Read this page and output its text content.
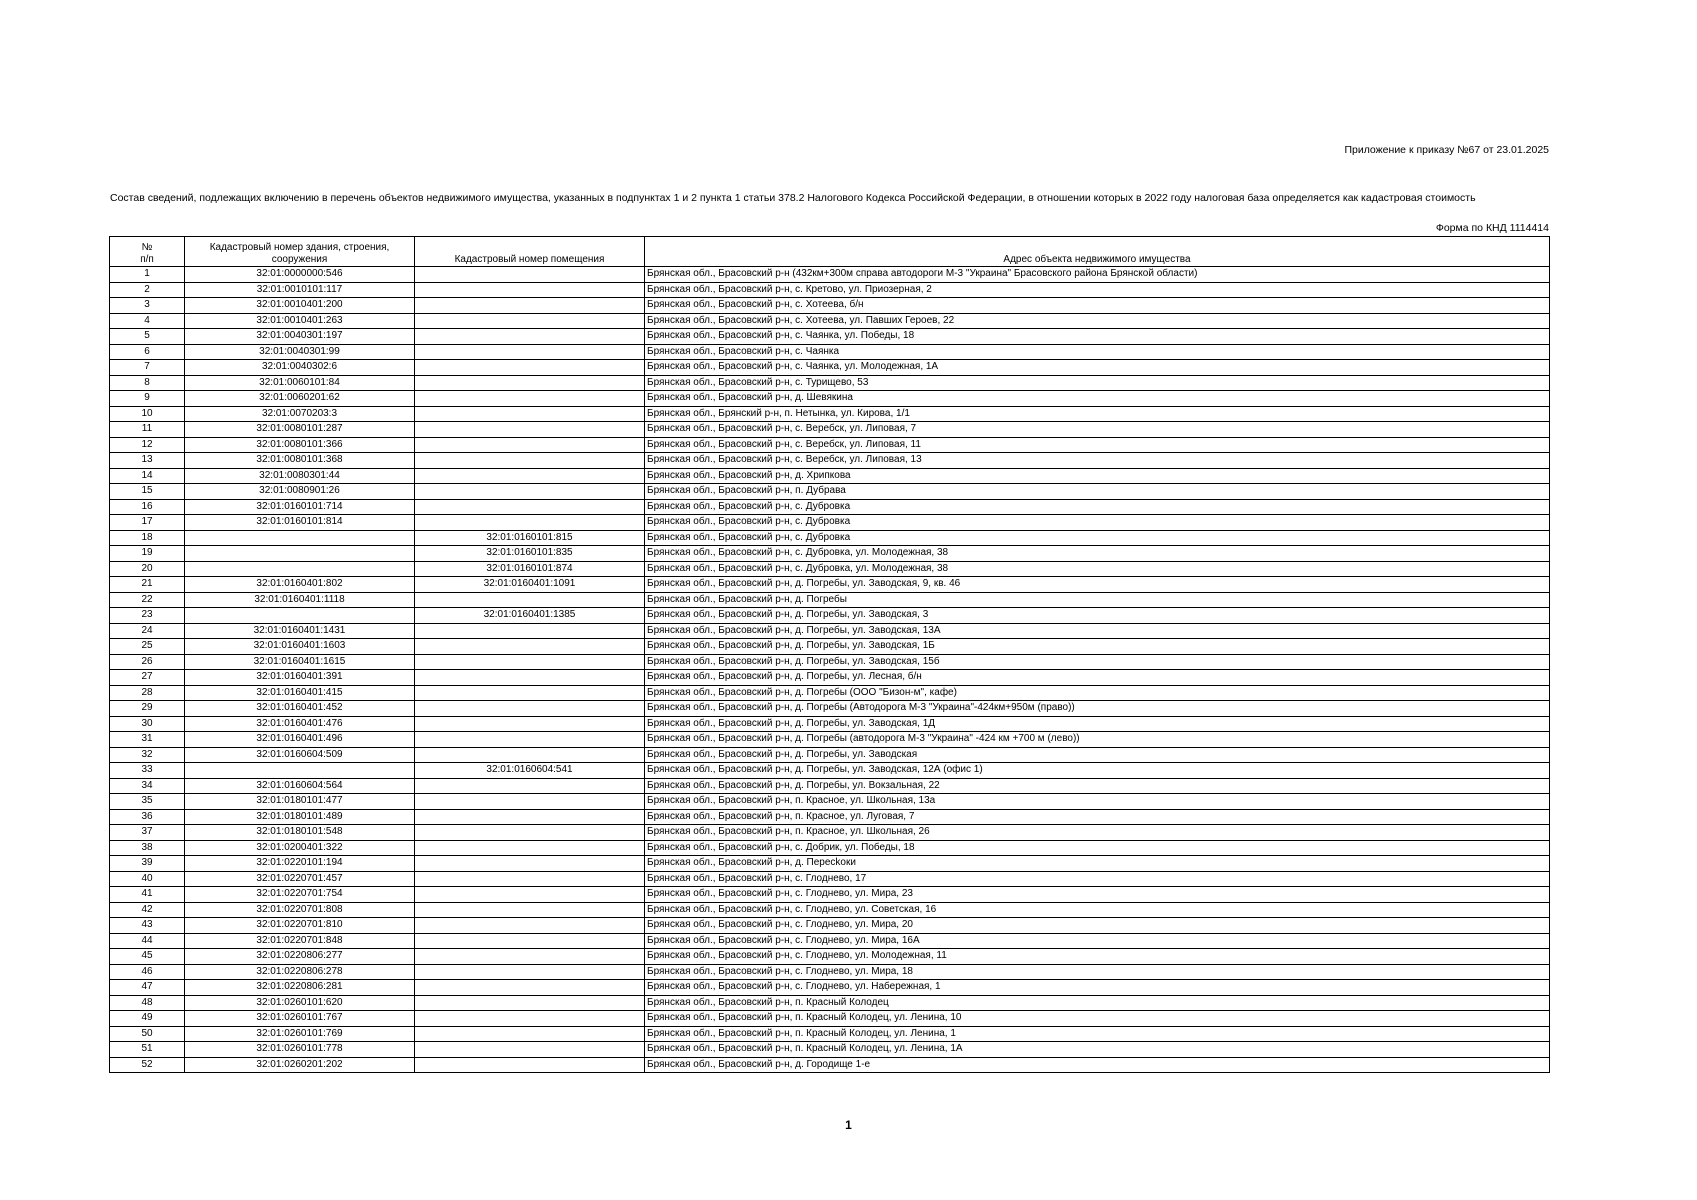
Приложение к приказу №67 от 23.01.2025
Состав сведений, подлежащих включению в перечень объектов недвижимого имущества, указанных в подпунктах 1 и 2 пункта 1 статьи 378.2 Налогового Кодекса Российской Федерации, в отношении которых в 2022 году налоговая база определяется как кадастровая стоимость
Форма по КНД 1114414
№
п/п	Кадастровый номер здания, строения, сооружения	Кадастровый номер помещения	Адрес объекта недвижимого имущества
1	32:01:0000000:546		Брянская обл., Брасовский р-н (432км+300м справа автодороги М-3 "Украина" Брасовского района Брянской области)
2	32:01:0010101:117		Брянская обл., Брасовский р-н, с. Кретово, ул. Приозерная, 2
3	32:01:0010401:200		Брянская обл., Брасовский р-н, с. Хотеева, б/н
4	32:01:0010401:263		Брянская обл., Брасовский р-н, с. Хотеева, ул. Павших Героев, 22
5	32:01:0040301:197		Брянская обл., Брасовский р-н, с. Чаянка, ул. Победы, 18
6	32:01:0040301:99		Брянская обл., Брасовский р-н, с. Чаянка
7	32:01:0040302:6		Брянская обл., Брасовский р-н, с. Чаянка, ул. Молодежная, 1А
8	32:01:0060101:84		Брянская обл., Брасовский р-н, с. Турищево, 53
9	32:01:0060201:62		Брянская обл., Брасовский р-н, д. Шевякина
10	32:01:0070203:3		Брянская обл., Брянский р-н, п. Нетынка, ул. Кирова, 1/1
11	32:01:0080101:287		Брянская обл., Брасовский р-н, с. Веребск, ул. Липовая, 7
12	32:01:0080101:366		Брянская обл., Брасовский р-н, с. Веребск, ул. Липовая, 11
13	32:01:0080101:368		Брянская обл., Брасовский р-н, с. Веребск, ул. Липовая, 13
14	32:01:0080301:44		Брянская обл., Брасовский р-н, д. Хрипкова
15	32:01:0080901:26		Брянская обл., Брасовский р-н, п. Дубрава
16	32:01:0160101:714		Брянская обл., Брасовский р-н, с. Дубровка
17	32:01:0160101:814		Брянская обл., Брасовский р-н, с. Дубровка
18		32:01:0160101:815	Брянская обл., Брасовский р-н, с. Дубровка
19		32:01:0160101:835	Брянская обл., Брасовский р-н, с. Дубровка, ул. Молодежная, 38
20		32:01:0160101:874	Брянская обл., Брасовский р-н, с. Дубровка, ул. Молодежная, 38
21	32:01:0160401:802	32:01:0160401:1091	Брянская обл., Брасовский р-н, д. Погребы, ул. Заводская, 9, кв. 46
22	32:01:0160401:1118		Брянская обл., Брасовский р-н, д. Погребы
23		32:01:0160401:1385	Брянская обл., Брасовский р-н, д. Погребы, ул. Заводская, 3
24	32:01:0160401:1431		Брянская обл., Брасовский р-н, д. Погребы, ул. Заводская, 13А
25	32:01:0160401:1603		Брянская обл., Брасовский р-н, д. Погребы, ул. Заводская, 1Б
26	32:01:0160401:1615		Брянская обл., Брасовский р-н, д. Погребы, ул. Заводская, 15б
27	32:01:0160401:391		Брянская обл., Брасовский р-н, д. Погребы, ул. Лесная, б/н
28	32:01:0160401:415		Брянская обл., Брасовский р-н, д. Погребы (ООО "Бизон-м", кафе)
29	32:01:0160401:452		Брянская обл., Брасовский р-н, д. Погребы (Автодорога М-3 "Украина"-424км+950м (право))
30	32:01:0160401:476		Брянская обл., Брасовский р-н, д. Погребы, ул. Заводская, 1Д
31	32:01:0160401:496		Брянская обл., Брасовский р-н, д. Погребы (автодорога М-3 "Украина" -424 км +700 м (лево))
32	32:01:0160604:509		Брянская обл., Брасовский р-н, д. Погребы, ул. Заводская
33		32:01:0160604:541	Брянская обл., Брасовский р-н, д. Погребы, ул. Заводская, 12А (офис 1)
34	32:01:0160604:564		Брянская обл., Брасовский р-н, д. Погребы, ул. Вокзальная, 22
35	32:01:0180101:477		Брянская обл., Брасовский р-н, п. Красное, ул. Школьная, 13а
36	32:01:0180101:489		Брянская обл., Брасовский р-н, п. Красное, ул. Луговая, 7
37	32:01:0180101:548		Брянская обл., Брасовский р-н, п. Красное, ул. Школьная, 26
38	32:01:0200401:322		Брянская обл., Брасовский р-н, с. Добрик, ул. Победы, 18
39	32:01:0220101:194		Брянская обл., Брасовский р-н, д. Пересkoки
40	32:01:0220701:457		Брянская обл., Брасовский р-н, с. Глоднево, 17
41	32:01:0220701:754		Брянская обл., Брасовский р-н, с. Глоднево, ул. Мира, 23
42	32:01:0220701:808		Брянская обл., Брасовский р-н, с. Глоднево, ул. Советская, 16
43	32:01:0220701:810		Брянская обл., Брасовский р-н, с. Глоднево, ул. Мира, 20
44	32:01:0220701:848		Брянская обл., Брасовский р-н, с. Глоднево, ул. Мира, 16А
45	32:01:0220806:277		Брянская обл., Брасовский р-н, с. Глоднево, ул. Молодежная, 11
46	32:01:0220806:278		Брянская обл., Брасовский р-н, с. Глоднево, ул. Мира, 18
47	32:01:0220806:281		Брянская обл., Брасовский р-н, с. Глоднево, ул. Набережная, 1
48	32:01:0260101:620		Брянская обл., Брасовский р-н, п. Красный Колодец
49	32:01:0260101:767		Брянская обл., Брасовский р-н, п. Красный Колодец, ул. Ленина, 10
50	32:01:0260101:769		Брянская обл., Брасовский р-н, п. Красный Колодец, ул. Ленина, 1
51	32:01:0260101:778		Брянская обл., Брасовский р-н, п. Красный Колодец, ул. Ленина, 1А
52	32:01:0260201:202		Брянская обл., Брасовский р-н, д. Городище 1-е
1
